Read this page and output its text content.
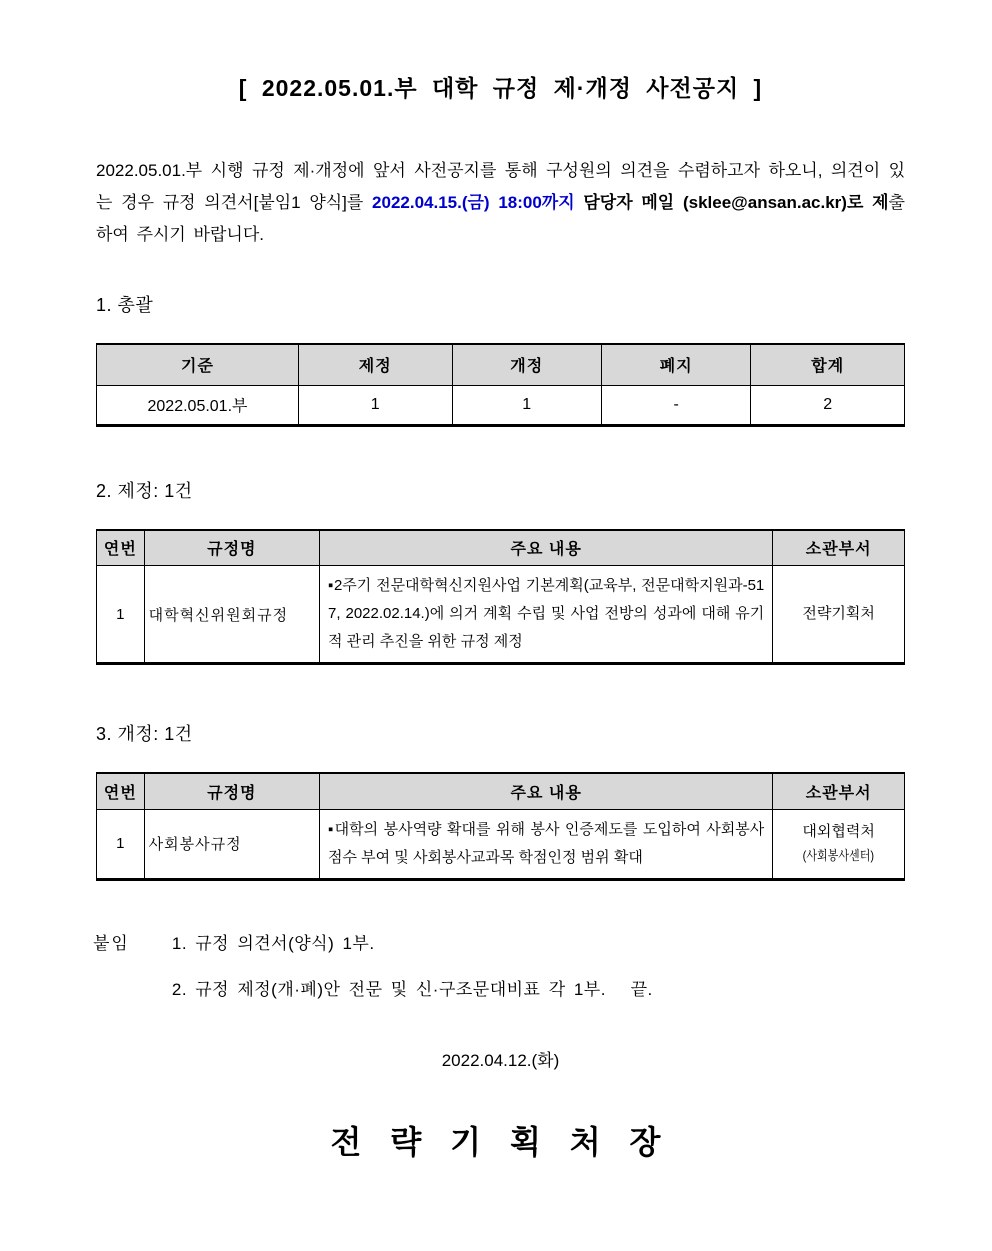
[ 2022.05.01.부 대학 규정 제·개정 사전공지 ]

2022.05.01.부 시행 규정 제·개정에 앞서 사전공지를 통해 구성원의 의견을 수렴하고자 하오니, 의견이 있는 경우 규정 의견서[붙임1 양식]를 2022.04.15.(금) 18:00까지 담당자 메일 (sklee@ansan.ac.kr)로 제출하여 주시기 바랍니다.

1. 총괄
기준	제정	개정	폐지	합계
2022.05.01.부	1	1	-	2
2. 제정: 1건
연번	규정명	주요 내용	소관부서
1	대학혁신위원회규정	▪2주기 전문대학혁신지원사업 기본계획(교육부, 전문대학지원과-517, 2022.02.14.)에 의거 계획 수립 및 사업 전방의 성과에 대해 유기적 관리 추진을 위한 규정 제정	전략기획처
3. 개정: 1건
연번	규정명	주요 내용	소관부서
1	사회봉사규정	▪대학의 봉사역량 확대를 위해 봉사 인증제도를 도입하여 사회봉사 점수 부여 및 사회봉사교과목 학점인정 범위 확대	대외협력처
(사회봉사센터)
붙임 1. 규정 의견서(양식) 1부.
2. 규정 제정(개·폐)안 전문 및 신·구조문대비표 각 1부.   끝.
2022.04.12.(화)
전 략 기 획 처 장
